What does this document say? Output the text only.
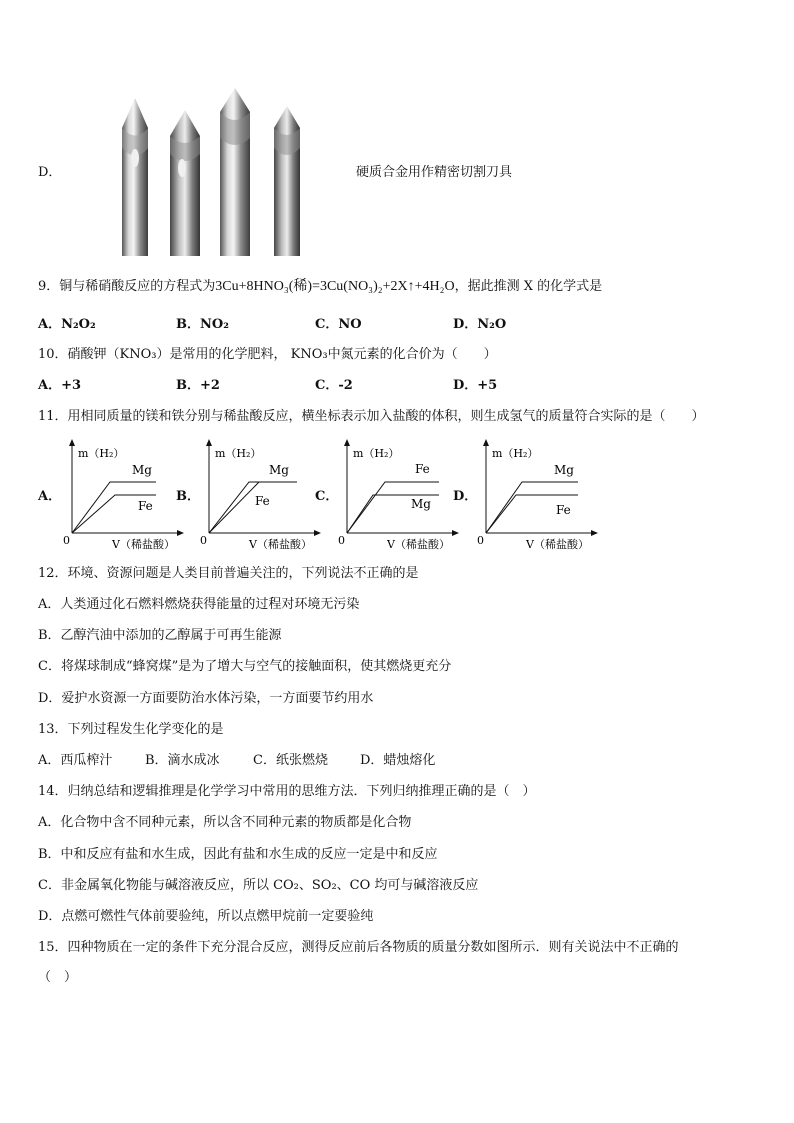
D．	硬质合金用作精密切割刀具
9．铜与稀硝酸反应的方程式为3Cu+8HNO₃(稀)=3Cu(NO₃)₂+2X↑+4H₂O，据此推测 X 的化学式是
A．N₂O₂	B．NO₂	C．NO	D．N₂O
10．硝酸钾（KNO₃）是常用的化学肥料， KNO₃中氮元素的化合价为（　　）
A．+3	B．+2	C．-2	D．+5
11．用相同质量的镁和铁分别与稀盐酸反应，横坐标表示加入盐酸的体积，则生成氢气的质量符合实际的是（　　）
A．
m（H₂）
Mg
Fe
0	V（稀盐酸）
B．
m（H₂）
Mg
Fe
0	V（稀盐酸）
C．
m（H₂）
Fe
Mg
0	V（稀盐酸）
D．
m（H₂）
Mg
Fe
0	V（稀盐酸）
12．环境、资源问题是人类目前普遍关注的，下列说法不正确的是
A．人类通过化石燃料燃烧获得能量的过程对环境无污染
B．乙醇汽油中添加的乙醇属于可再生能源
C．将煤球制成“蜂窝煤”是为了增大与空气的接触面积，使其燃烧更充分
D．爱护水资源一方面要防治水体污染，一方面要节约用水
13．下列过程发生化学变化的是
A．西瓜榨汁	B．滴水成冰	C．纸张燃烧 D．蜡烛熔化
14．归纳总结和逻辑推理是化学学习中常用的思维方法．下列归纳推理正确的是（　）
A．化合物中含不同种元素，所以含不同种元素的物质都是化合物
B．中和反应有盐和水生成，因此有盐和水生成的反应一定是中和反应
C．非金属氧化物能与碱溶液反应，所以 CO₂、SO₂、CO 均可与碱溶液反应
D．点燃可燃性气体前要验纯，所以点燃甲烷前一定要验纯
15．四种物质在一定的条件下充分混合反应，测得反应前后各物质的质量分数如图所示．则有关说法中不正确的
（　）
